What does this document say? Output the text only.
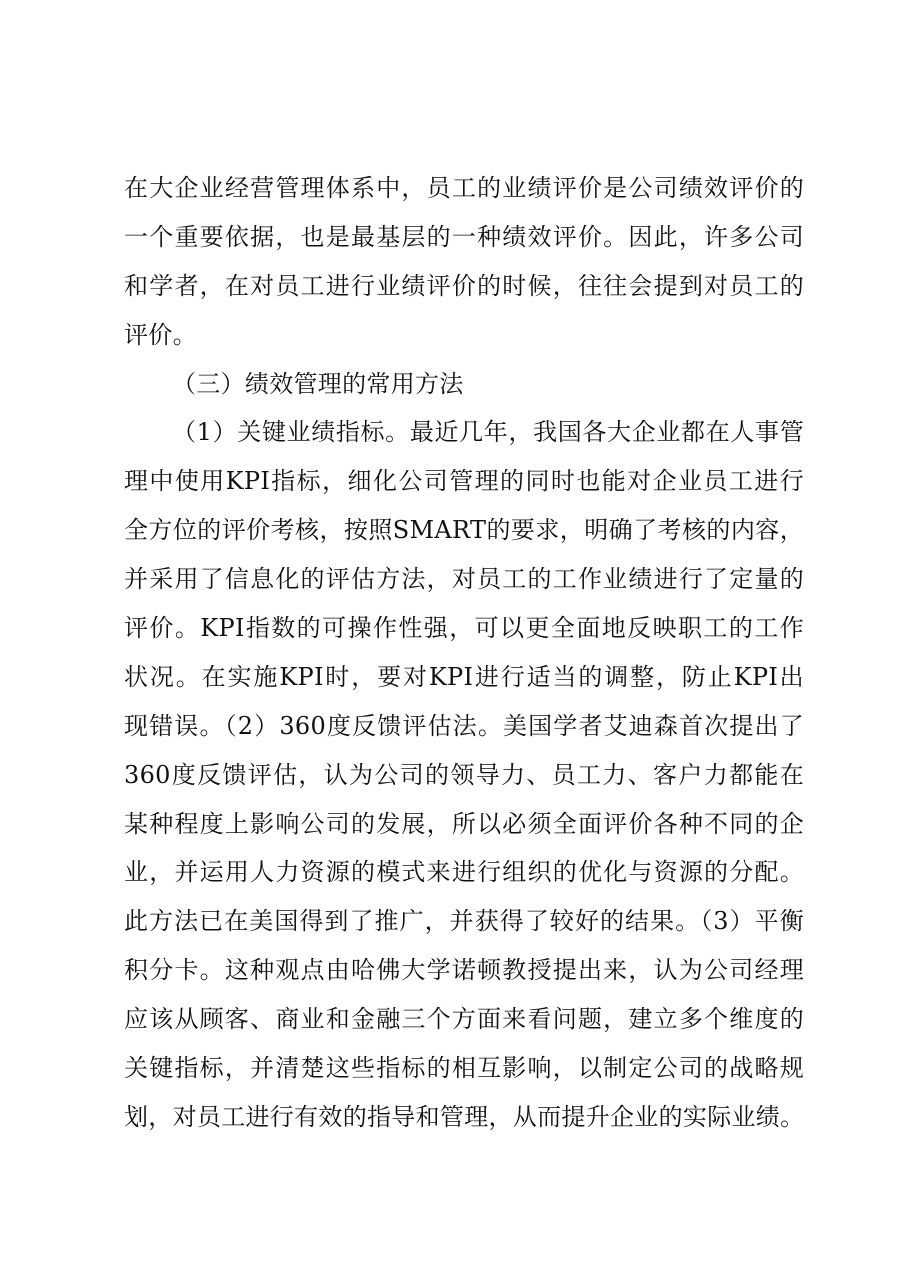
在大企业经营管理体系中，员工的业绩评价是公司绩效评价的
一个重要依据，也是最基层的一种绩效评价。因此，许多公司
和学者，在对员工进行业绩评价的时候，往往会提到对员工的
评价。
（三）绩效管理的常用方法
（1）关键业绩指标。最近几年，我国各大企业都在人事管
理中使用KPI指标，细化公司管理的同时也能对企业员工进行
全方位的评价考核，按照SMART的要求，明确了考核的内容，
并采用了信息化的评估方法，对员工的工作业绩进行了定量的
评价。KPI指数的可操作性强，可以更全面地反映职工的工作
状况。在实施KPI时，要对KPI进行适当的调整，防止KPI出
现错误。（2）360度反馈评估法。美国学者艾迪森首次提出了
360度反馈评估，认为公司的领导力、员工力、客户力都能在
某种程度上影响公司的发展，所以必须全面评价各种不同的企
业，并运用人力资源的模式来进行组织的优化与资源的分配。
此方法已在美国得到了推广，并获得了较好的结果。（3）平衡
积分卡。这种观点由哈佛大学诺顿教授提出来，认为公司经理
应该从顾客、商业和金融三个方面来看问题，建立多个维度的
关键指标，并清楚这些指标的相互影响，以制定公司的战略规
划，对员工进行有效的指导和管理，从而提升企业的实际业绩。
